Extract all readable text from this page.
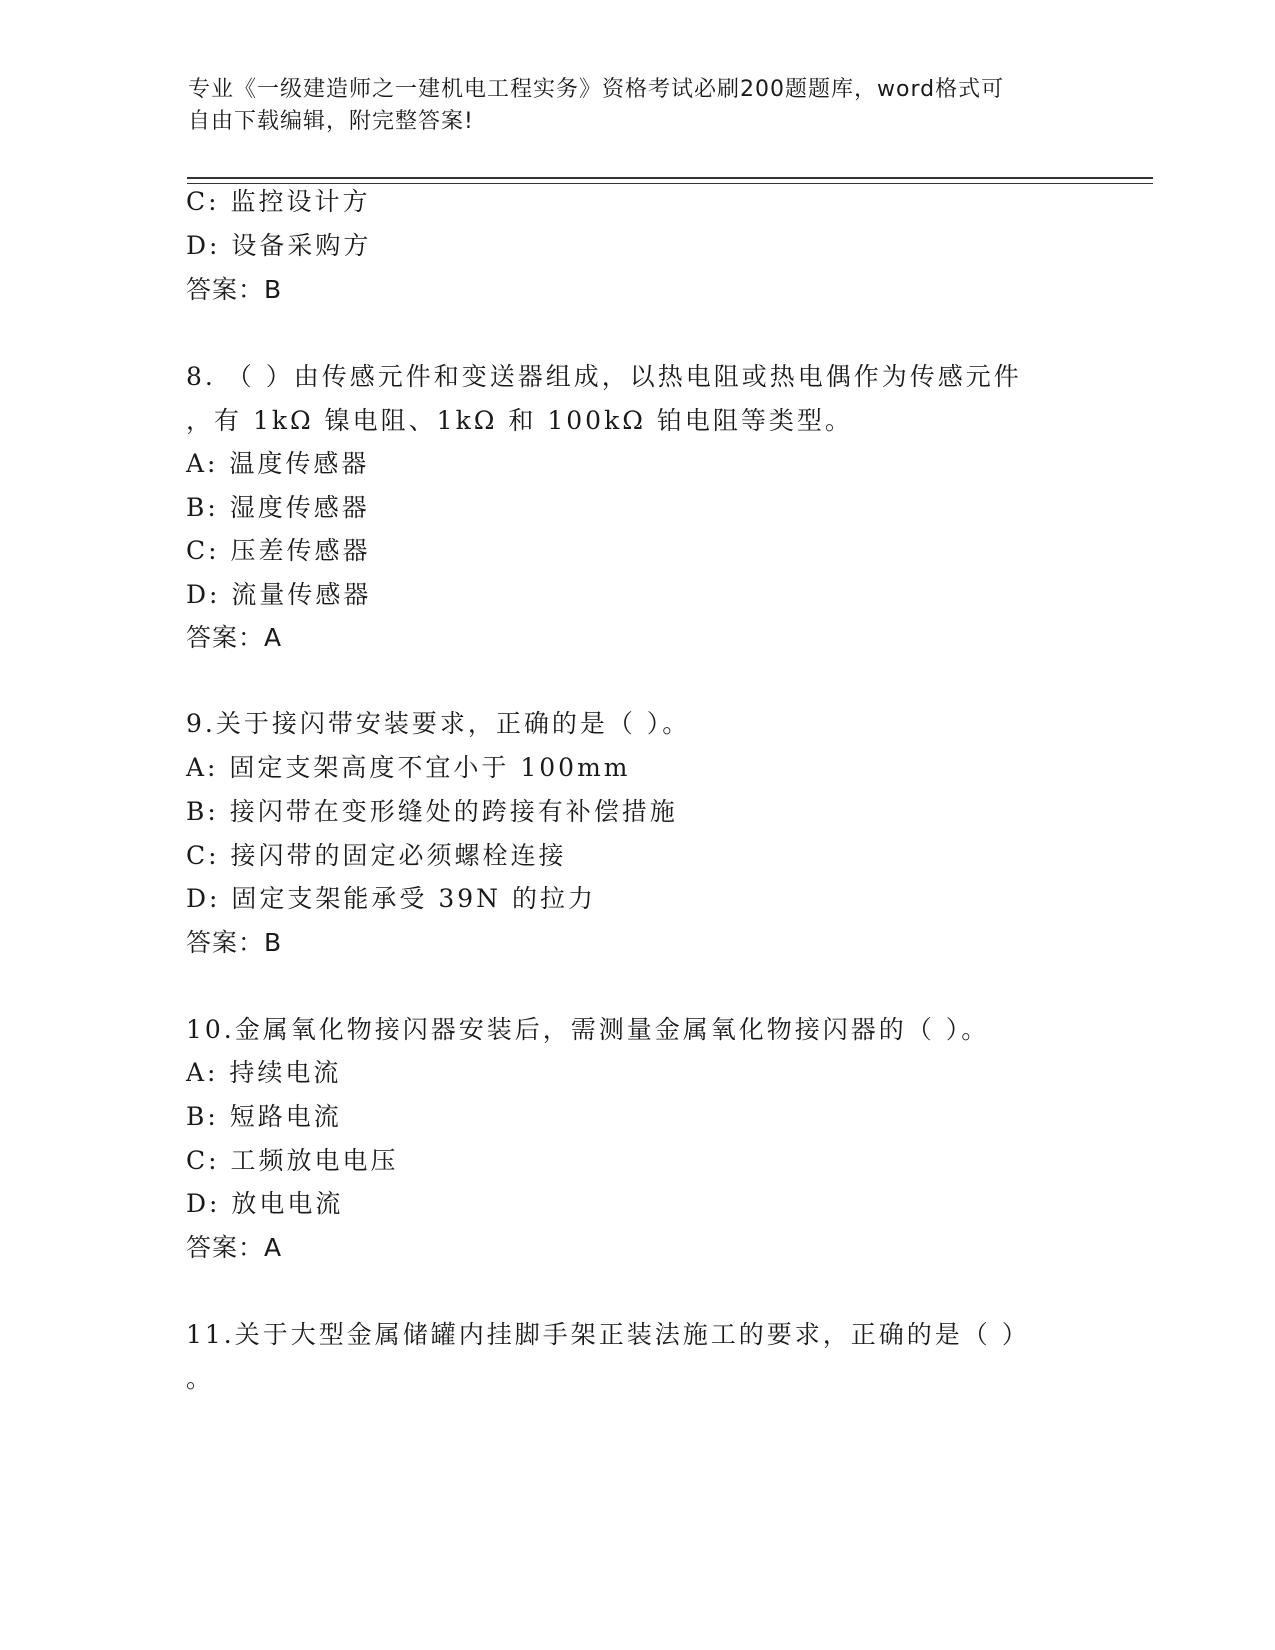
专业《一级建造师之一建机电工程实务》资格考试必刷200题题库，word格式可
自由下载编辑，附完整答案!
C: 监控设计方
D: 设备采购方
答案：B
8. （ ）由传感元件和变送器组成，以热电阻或热电偶作为传感元件
，有 1kΩ 镍电阻、1kΩ 和 100kΩ 铂电阻等类型。
A: 温度传感器
B: 湿度传感器
C: 压差传感器
D: 流量传感器
答案：A
9.关于接闪带安装要求，正确的是（ ）。
A: 固定支架高度不宜小于 100mm
B: 接闪带在变形缝处的跨接有补偿措施
C: 接闪带的固定必须螺栓连接
D: 固定支架能承受 39N 的拉力
答案：B
10.金属氧化物接闪器安装后，需测量金属氧化物接闪器的（ ）。
A: 持续电流
B: 短路电流
C: 工频放电电压
D: 放电电流
答案：A
11.关于大型金属储罐内挂脚手架正装法施工的要求，正确的是（ ）
。
